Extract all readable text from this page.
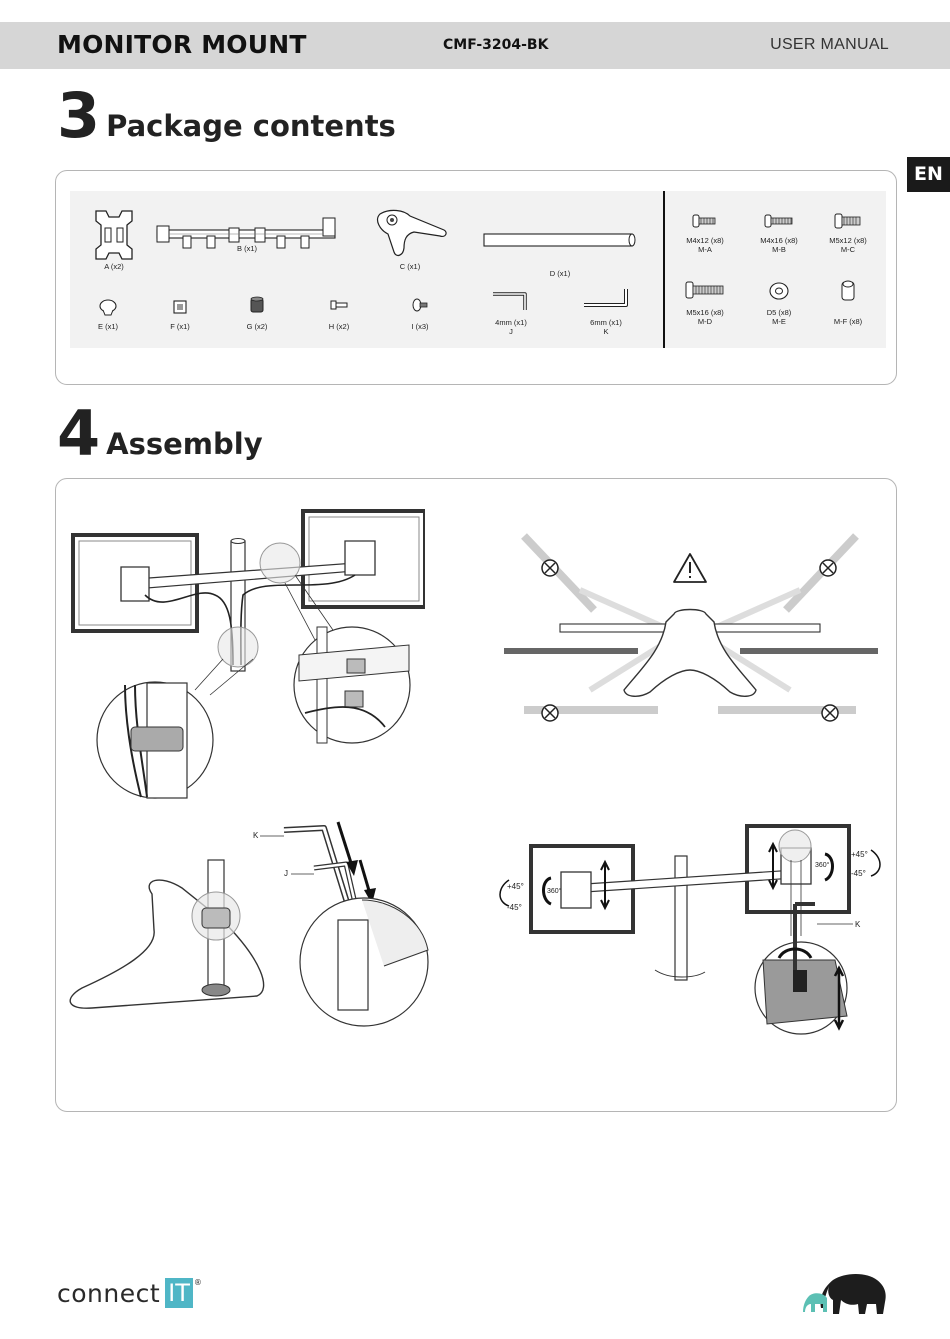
MONITOR MOUNT	CMF-3204-BK	USER MANUAL
EN
3 Package contents
A (x2)
B (x1)
C (x1)
D (x1)
E (x1)	F (x1)	G (x2)	H (x2)	I (x3)	4mm (x1)
J
6mm (x1)
K
M4x12 (x8)
M-A
M4x16 (x8)
M-B
M5x12 (x8)
M-C
M5x16 (x8)
M-D
D5 (x8)
M-E	M-F (x8)
4 Assembly
K
J
360°
360°
+45°
-45°
+45°
-45°
K
connect IT ®
